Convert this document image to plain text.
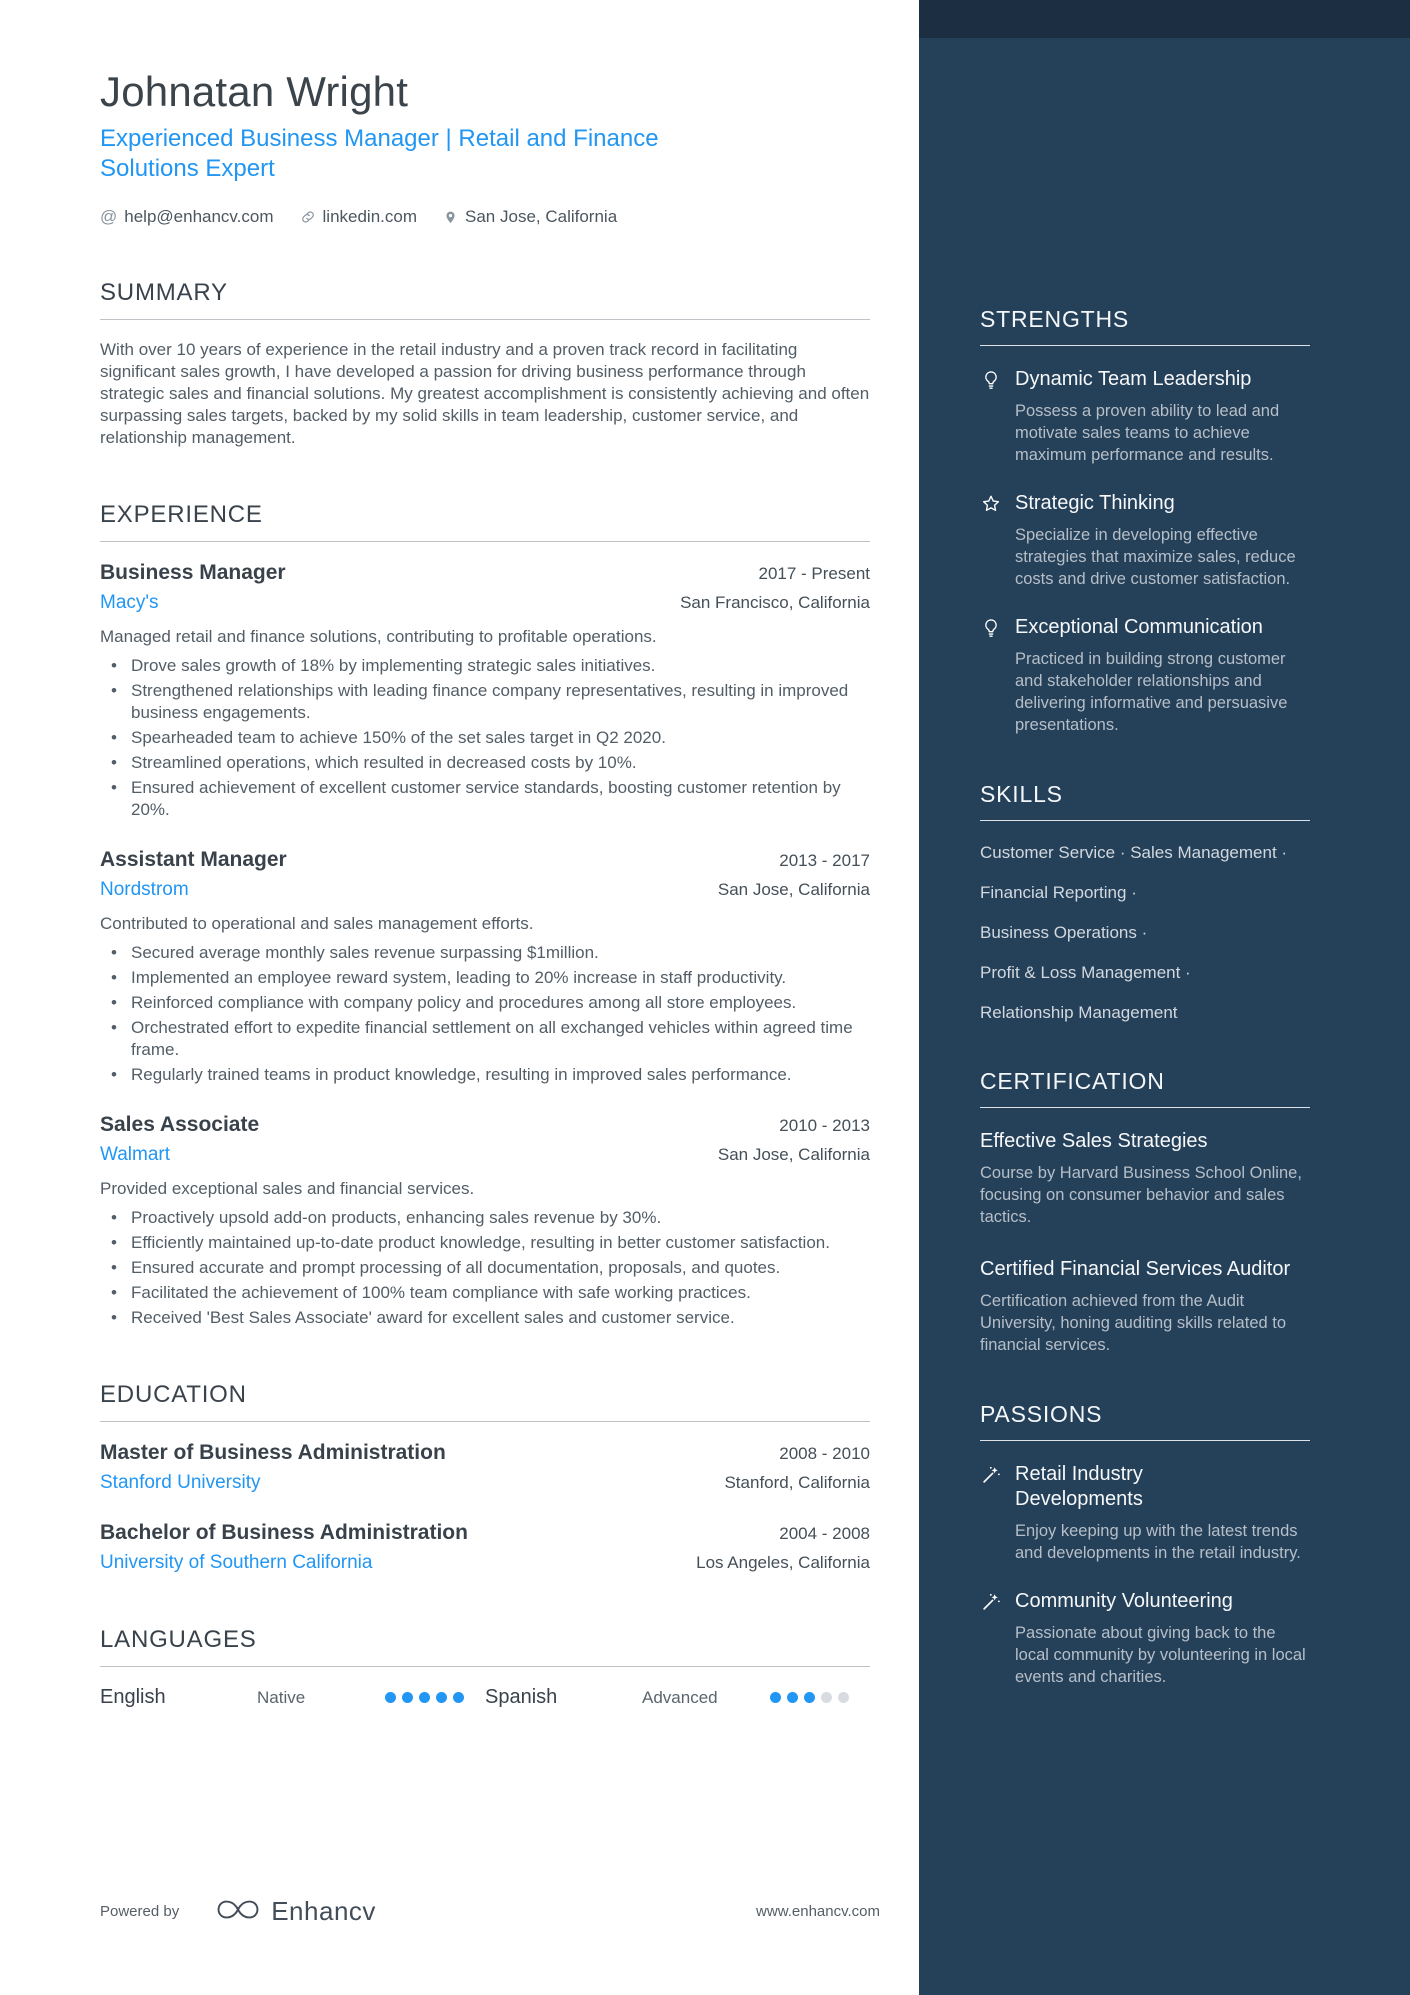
Johnatan Wright
Experienced Business Manager | Retail and Finance Solutions Expert
@ help@enhancv.com	linkedin.com	San Jose, California
SUMMARY

With over 10 years of experience in the retail industry and a proven track record in facilitating significant sales growth, I have developed a passion for driving business performance through strategic sales and financial solutions. My greatest accomplishment is consistently achieving and often surpassing sales targets, backed by my solid skills in team leadership, customer service, and relationship management.

EXPERIENCE
Business Manager	2017 - Present
Macy's	San Francisco, California

Managed retail and finance solutions, contributing to profitable operations.

• Drove sales growth of 18% by implementing strategic sales initiatives.
• Strengthened relationships with leading finance company representatives, resulting in improved business engagements.
• Spearheaded team to achieve 150% of the set sales target in Q2 2020.
• Streamlined operations, which resulted in decreased costs by 10%.
• Ensured achievement of excellent customer service standards, boosting customer retention by 20%.
Assistant Manager	2013 - 2017
Nordstrom	San Jose, California

Contributed to operational and sales management efforts.

• Secured average monthly sales revenue surpassing $1million.
• Implemented an employee reward system, leading to 20% increase in staff productivity.
• Reinforced compliance with company policy and procedures among all store employees.
• Orchestrated effort to expedite financial settlement on all exchanged vehicles within agreed time frame.
• Regularly trained teams in product knowledge, resulting in improved sales performance.
Sales Associate	2010 - 2013
Walmart	San Jose, California

Provided exceptional sales and financial services.

• Proactively upsold add-on products, enhancing sales revenue by 30%.
• Efficiently maintained up-to-date product knowledge, resulting in better customer satisfaction.
• Ensured accurate and prompt processing of all documentation, proposals, and quotes.
• Facilitated the achievement of 100% team compliance with safe working practices.
• Received 'Best Sales Associate' award for excellent sales and customer service.
EDUCATION
Master of Business Administration	2008 - 2010
Stanford University	Stanford, California
Bachelor of Business Administration	2004 - 2008
University of Southern California	Los Angeles, California
LANGUAGES
English	Native	Spanish	Advanced
Powered by	Enhancv	www.enhancv.com
STRENGTHS
Dynamic Team Leadership
Possess a proven ability to lead and motivate sales teams to achieve maximum performance and results.
Strategic Thinking
Specialize in developing effective strategies that maximize sales, reduce costs and drive customer satisfaction.
Exceptional Communication
Practiced in building strong customer and stakeholder relationships and delivering informative and persuasive presentations.
SKILLS
Customer Service · Sales Management ·
Financial Reporting ·
Business Operations ·
Profit & Loss Management ·
Relationship Management
CERTIFICATION
Effective Sales Strategies
Course by Harvard Business School Online, focusing on consumer behavior and sales tactics.
Certified Financial Services Auditor
Certification achieved from the Audit University, honing auditing skills related to financial services.
PASSIONS
Retail Industry Developments
Enjoy keeping up with the latest trends and developments in the retail industry.
Community Volunteering
Passionate about giving back to the local community by volunteering in local events and charities.
